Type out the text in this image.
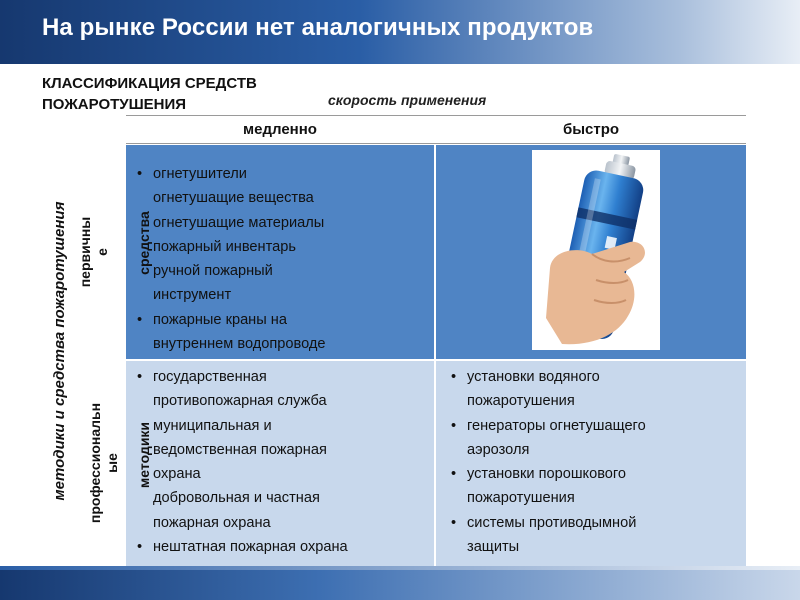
На рынке России нет аналогичных продуктов
КЛАССИФИКАЦИЯ СРЕДСТВ
ПОЖАРОТУШЕНИЯ	скорость применения
медленно	быстро
• огнетушители
огнетушащие вещества
огнетушащие материалы
пожарный инвентарь
ручной пожарный
инструмент
• пожарные краны на
внутреннем водопроводе
• государственная
противопожарная служба
муниципальная и
ведомственная пожарная
охрана
добровольная и частная
пожарная охрана
• нештатная пожарная охрана
• установки водяного
пожаротушения
• генераторы огнетушащего
аэрозоля
• установки порошкового
пожаротушения
• системы противодымной
защиты
методики и средства пожаротушения первичны е
профессиональн ые
средства
методики
